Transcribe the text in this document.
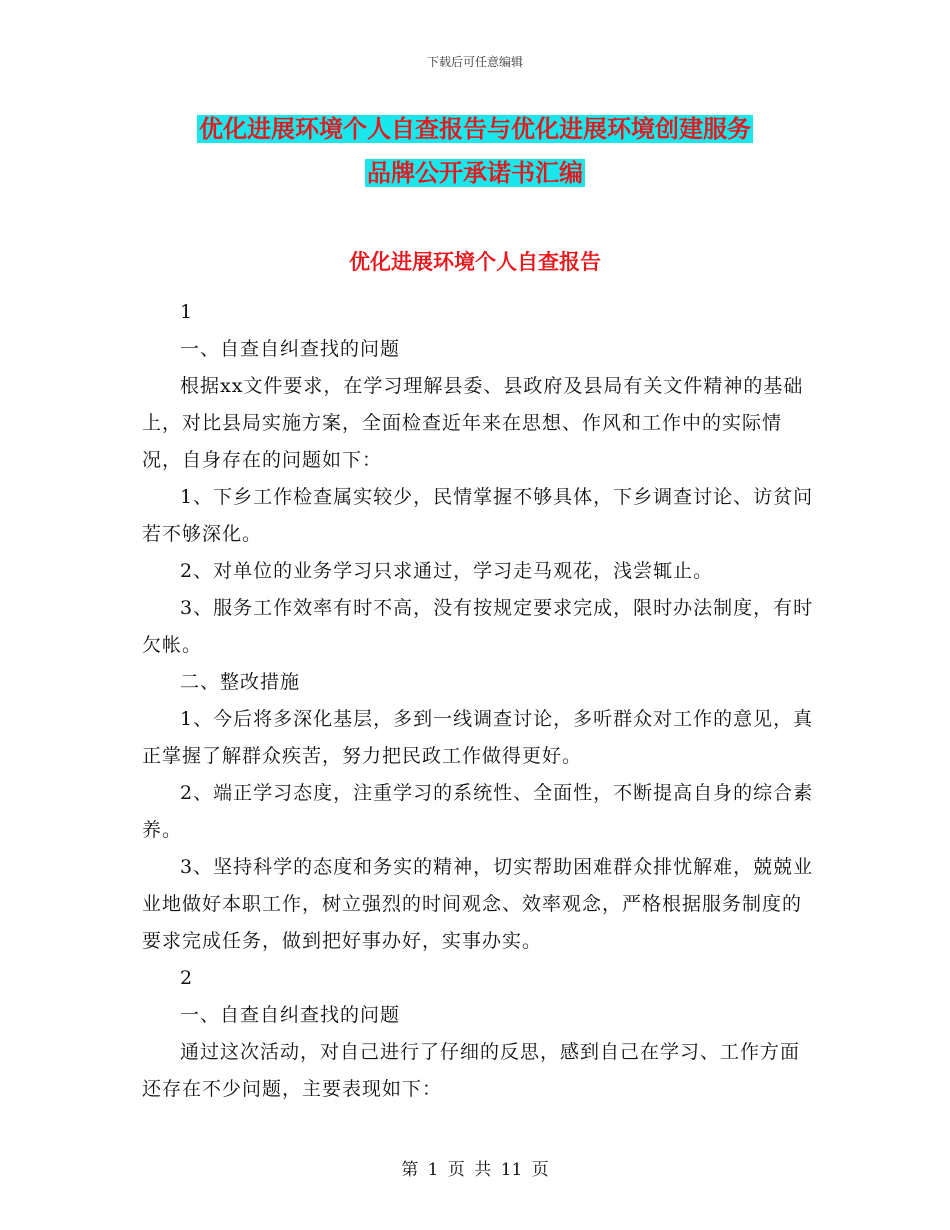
下载后可任意编辑
优化进展环境个人自查报告与优化进展环境创建服务
品牌公开承诺书汇编
优化进展环境个人自查报告

1

一、自查自纠查找的问题

根据xx文件要求，在学习理解县委、县政府及县局有关文件精神的基础上，对比县局实施方案，全面检查近年来在思想、作风和工作中的实际情况，自身存在的问题如下：

1、下乡工作检查属实较少，民情掌握不够具体，下乡调查讨论、访贫问若不够深化。

2、对单位的业务学习只求通过，学习走马观花，浅尝辄止。

3、服务工作效率有时不高，没有按规定要求完成，限时办法制度，有时欠帐。

二、整改措施

1、今后将多深化基层，多到一线调查讨论，多听群众对工作的意见，真正掌握了解群众疾苦，努力把民政工作做得更好。

2、端正学习态度，注重学习的系统性、全面性，不断提高自身的综合素养。

3、坚持科学的态度和务实的精神，切实帮助困难群众排忧解难，兢兢业业地做好本职工作，树立强烈的时间观念、效率观念，严格根据服务制度的要求完成任务，做到把好事办好，实事办实。

2

一、自查自纠查找的问题

通过这次活动，对自己进行了仔细的反思，感到自己在学习、工作方面还存在不少问题，主要表现如下：

第 1 页 共 11 页
